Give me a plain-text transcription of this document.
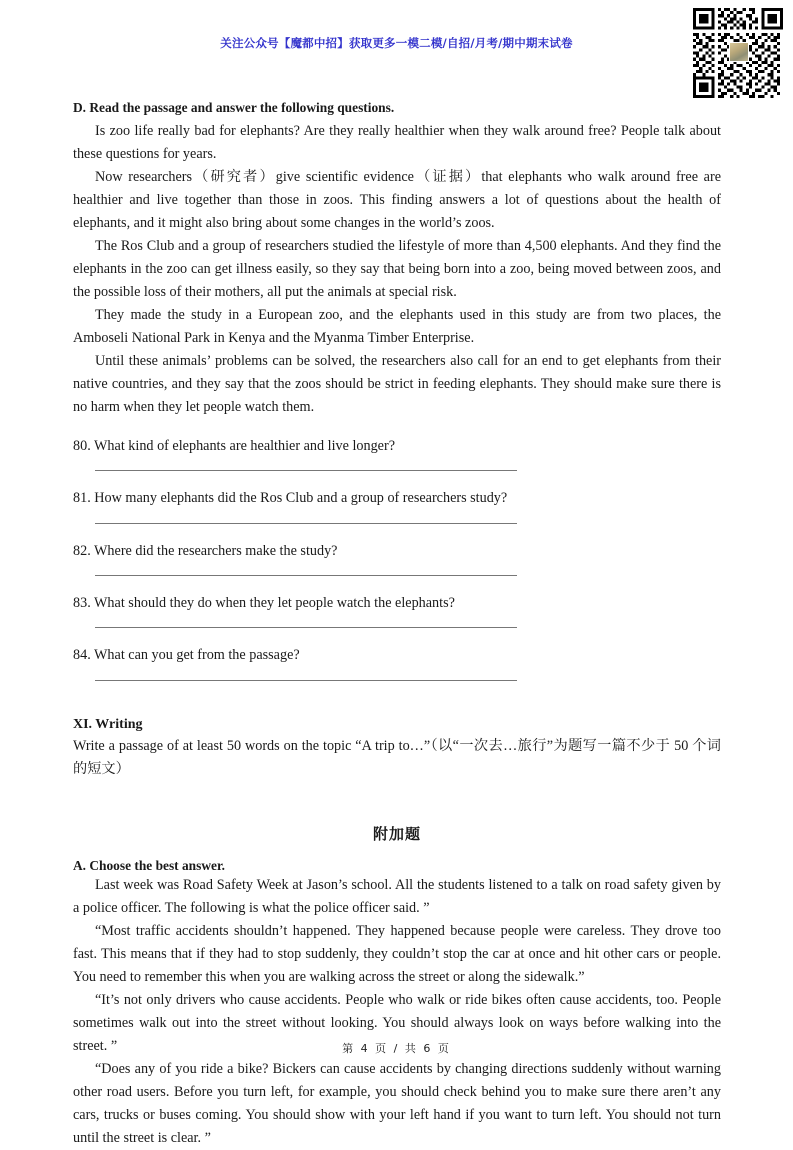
关注公众号【魔都中招】获取更多一模二模/自招/月考/期中期末试卷
D. Read the passage and answer the following questions.

Is zoo life really bad for elephants? Are they really healthier when they walk around free? People talk about these questions for years.

Now researchers（研究者）give scientific evidence（证据）that elephants who walk around free are healthier and live together than those in zoos. This finding answers a lot of questions about the health of elephants, and it might also bring about some changes in the world’s zoos.

The Ros Club and a group of researchers studied the lifestyle of more than 4,500 elephants. And they find the elephants in the zoo can get illness easily, so they say that being born into a zoo, being moved between zoos, and the possible loss of their mothers, all put the animals at special risk.

They made the study in a European zoo, and the elephants used in this study are from two places, the Amboseli National Park in Kenya and the Myanma Timber Enterprise.

Until these animals’ problems can be solved, the researchers also call for an end to get elephants from their native countries, and they say that the zoos should be strict in feeding elephants. They should make sure there is no harm when they let people watch them.

80. What kind of elephants are healthier and live longer?

81. How many elephants did the Ros Club and a group of researchers study?

82. Where did the researchers make the study?

83. What should they do when they let people watch the elephants?

84. What can you get from the passage?

XI. Writing

Write a passage of at least 50 words on the topic “A trip to…”（以“一次去…旅行”为题写一篇不少于 50 个词的短文）

附加题
A. Choose the best answer.

Last week was Road Safety Week at Jason’s school. All the students listened to a talk on road safety given by a police officer. The following is what the police officer said. ”

“Most traffic accidents shouldn’t happened. They happened because people were careless. They drove too fast. This means that if they had to stop suddenly, they couldn’t stop the car at once and hit other cars or people. You need to remember this when you are walking across the street or along the sidewalk.”

“It’s not only drivers who cause accidents. People who walk or ride bikes often cause accidents, too. People sometimes walk out into the street without looking. You should always look on ways before walking into the street. ”

“Does any of you ride a bike? Bickers can cause accidents by changing directions suddenly without warning other road users. Before you turn left, for example, you should check behind you to make sure there aren’t any cars, trucks or buses coming. You should show with your left hand if you want to turn left. You should not turn until the street is clear. ”

第 4 页 / 共 6 页
